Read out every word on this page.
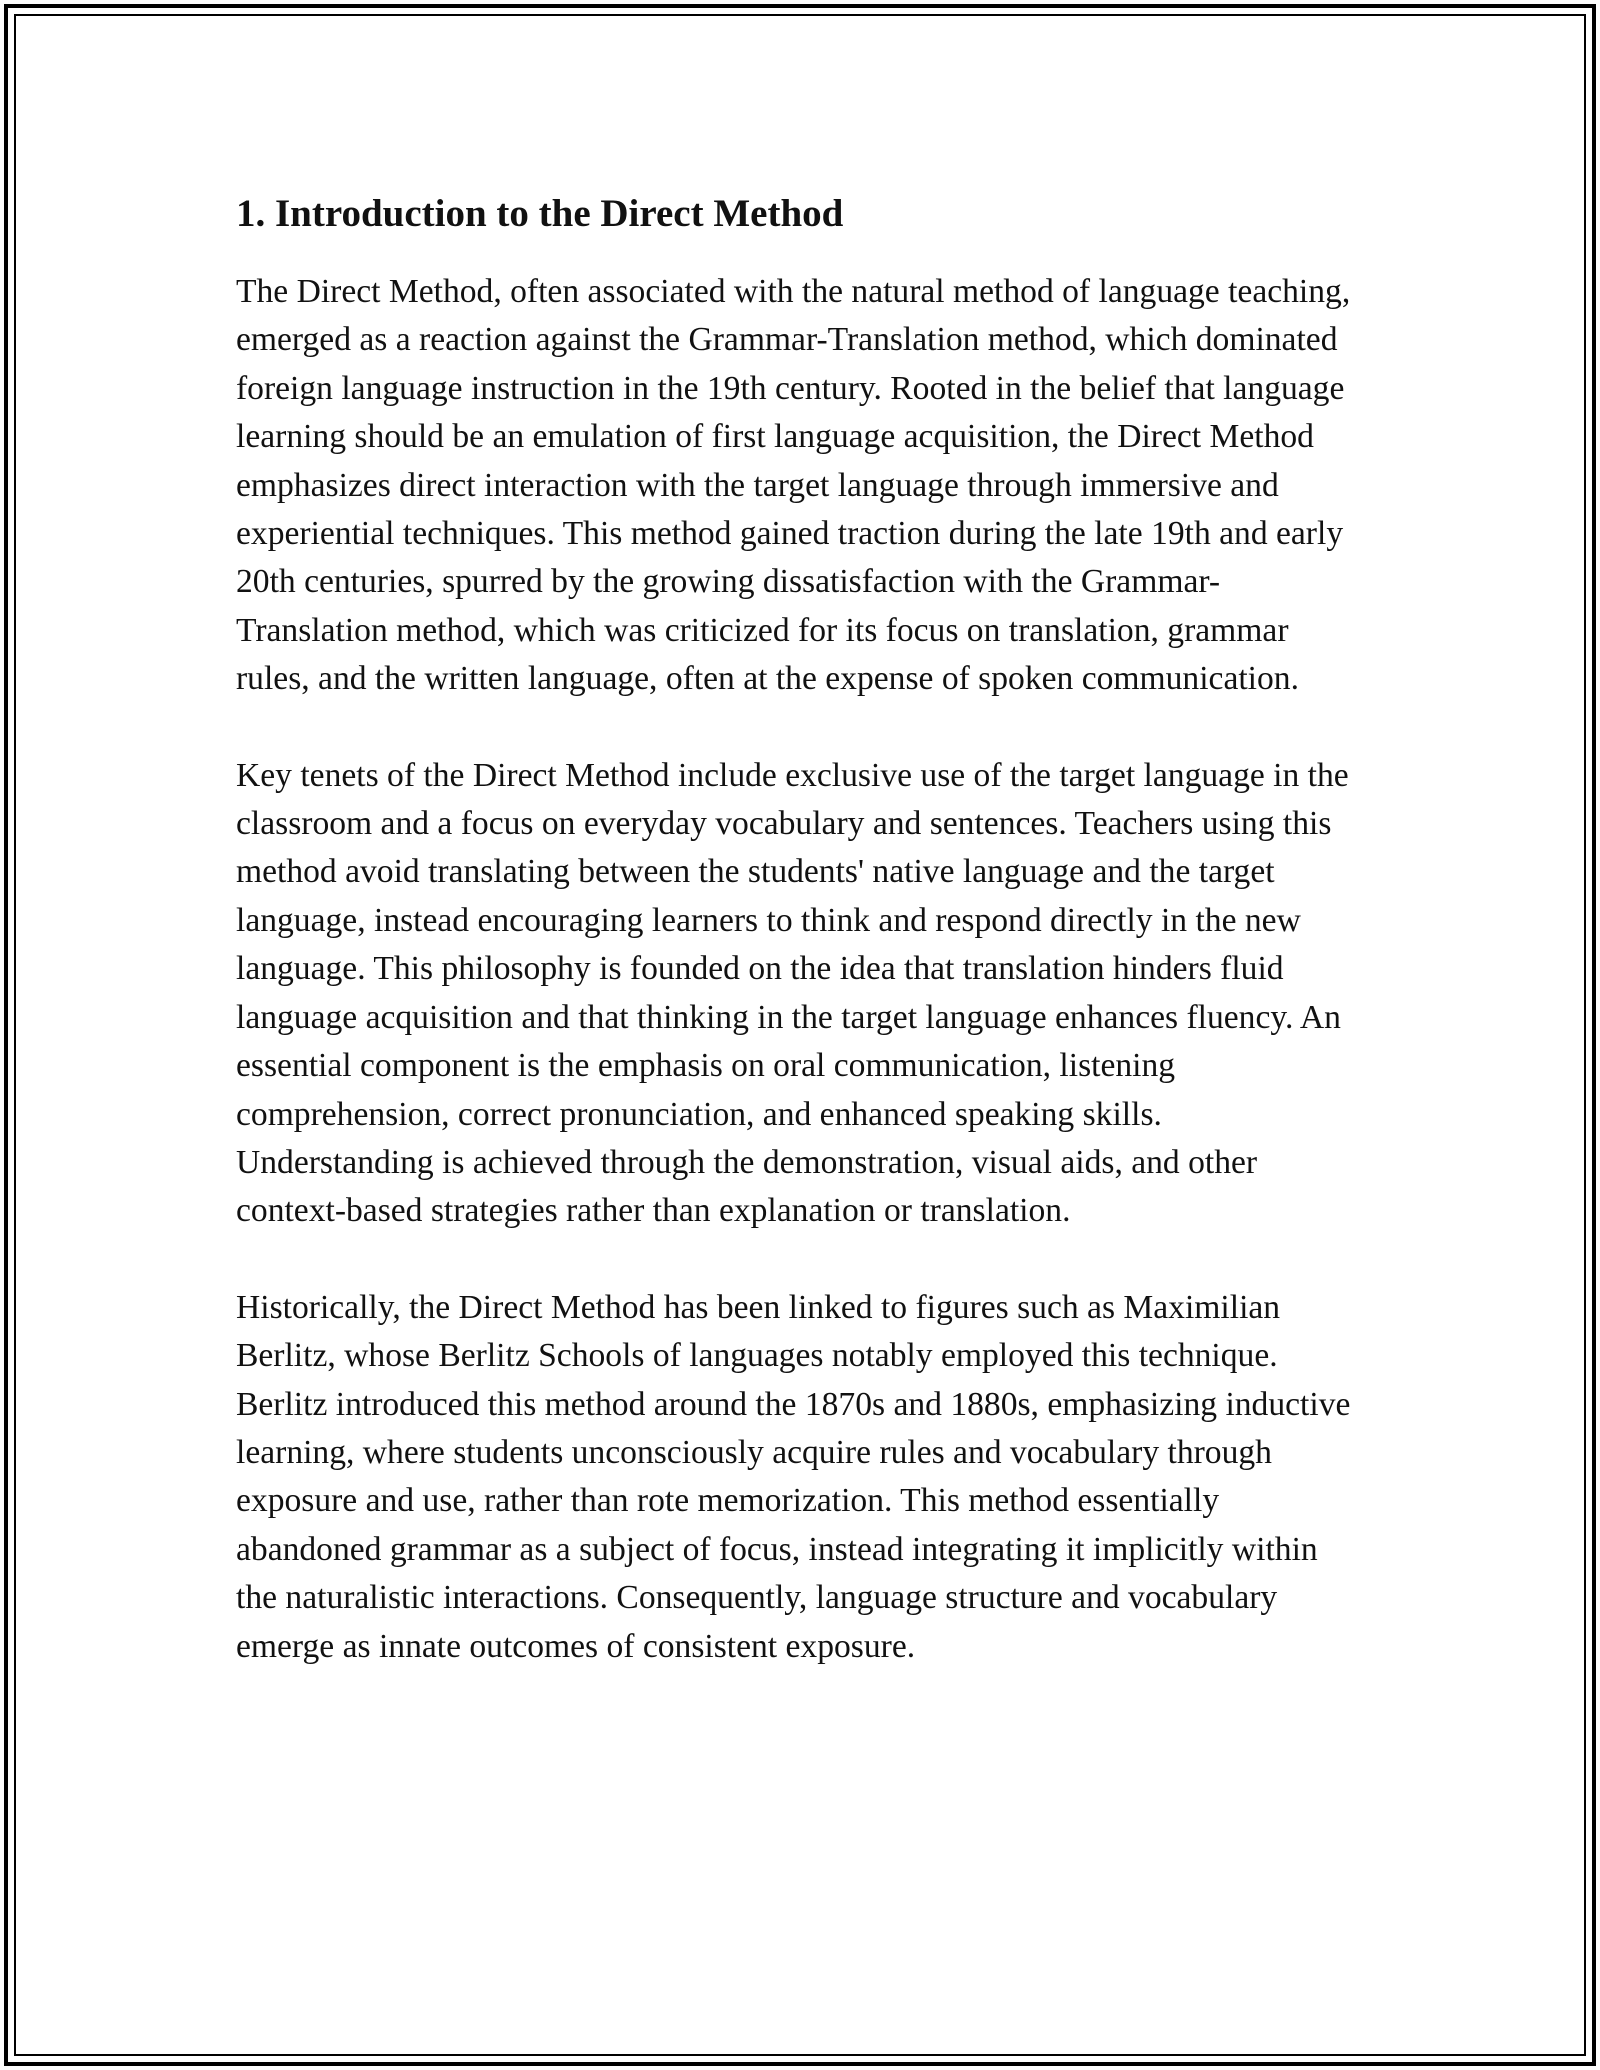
1. Introduction to the Direct Method

The Direct Method, often associated with the natural method of language teaching, emerged as a reaction against the Grammar-Translation method, which dominated foreign language instruction in the 19th century. Rooted in the belief that language learning should be an emulation of first language acquisition, the Direct Method emphasizes direct interaction with the target language through immersive and experiential techniques. This method gained traction during the late 19th and early 20th centuries, spurred by the growing dissatisfaction with the Grammar-Translation method, which was criticized for its focus on translation, grammar rules, and the written language, often at the expense of spoken communication.

Key tenets of the Direct Method include exclusive use of the target language in the classroom and a focus on everyday vocabulary and sentences. Teachers using this method avoid translating between the students' native language and the target language, instead encouraging learners to think and respond directly in the new language. This philosophy is founded on the idea that translation hinders fluid language acquisition and that thinking in the target language enhances fluency. An essential component is the emphasis on oral communication, listening comprehension, correct pronunciation, and enhanced speaking skills. Understanding is achieved through the demonstration, visual aids, and other context-based strategies rather than explanation or translation.

Historically, the Direct Method has been linked to figures such as Maximilian Berlitz, whose Berlitz Schools of languages notably employed this technique. Berlitz introduced this method around the 1870s and 1880s, emphasizing inductive learning, where students unconsciously acquire rules and vocabulary through exposure and use, rather than rote memorization. This method essentially abandoned grammar as a subject of focus, instead integrating it implicitly within the naturalistic interactions. Consequently, language structure and vocabulary emerge as innate outcomes of consistent exposure.
